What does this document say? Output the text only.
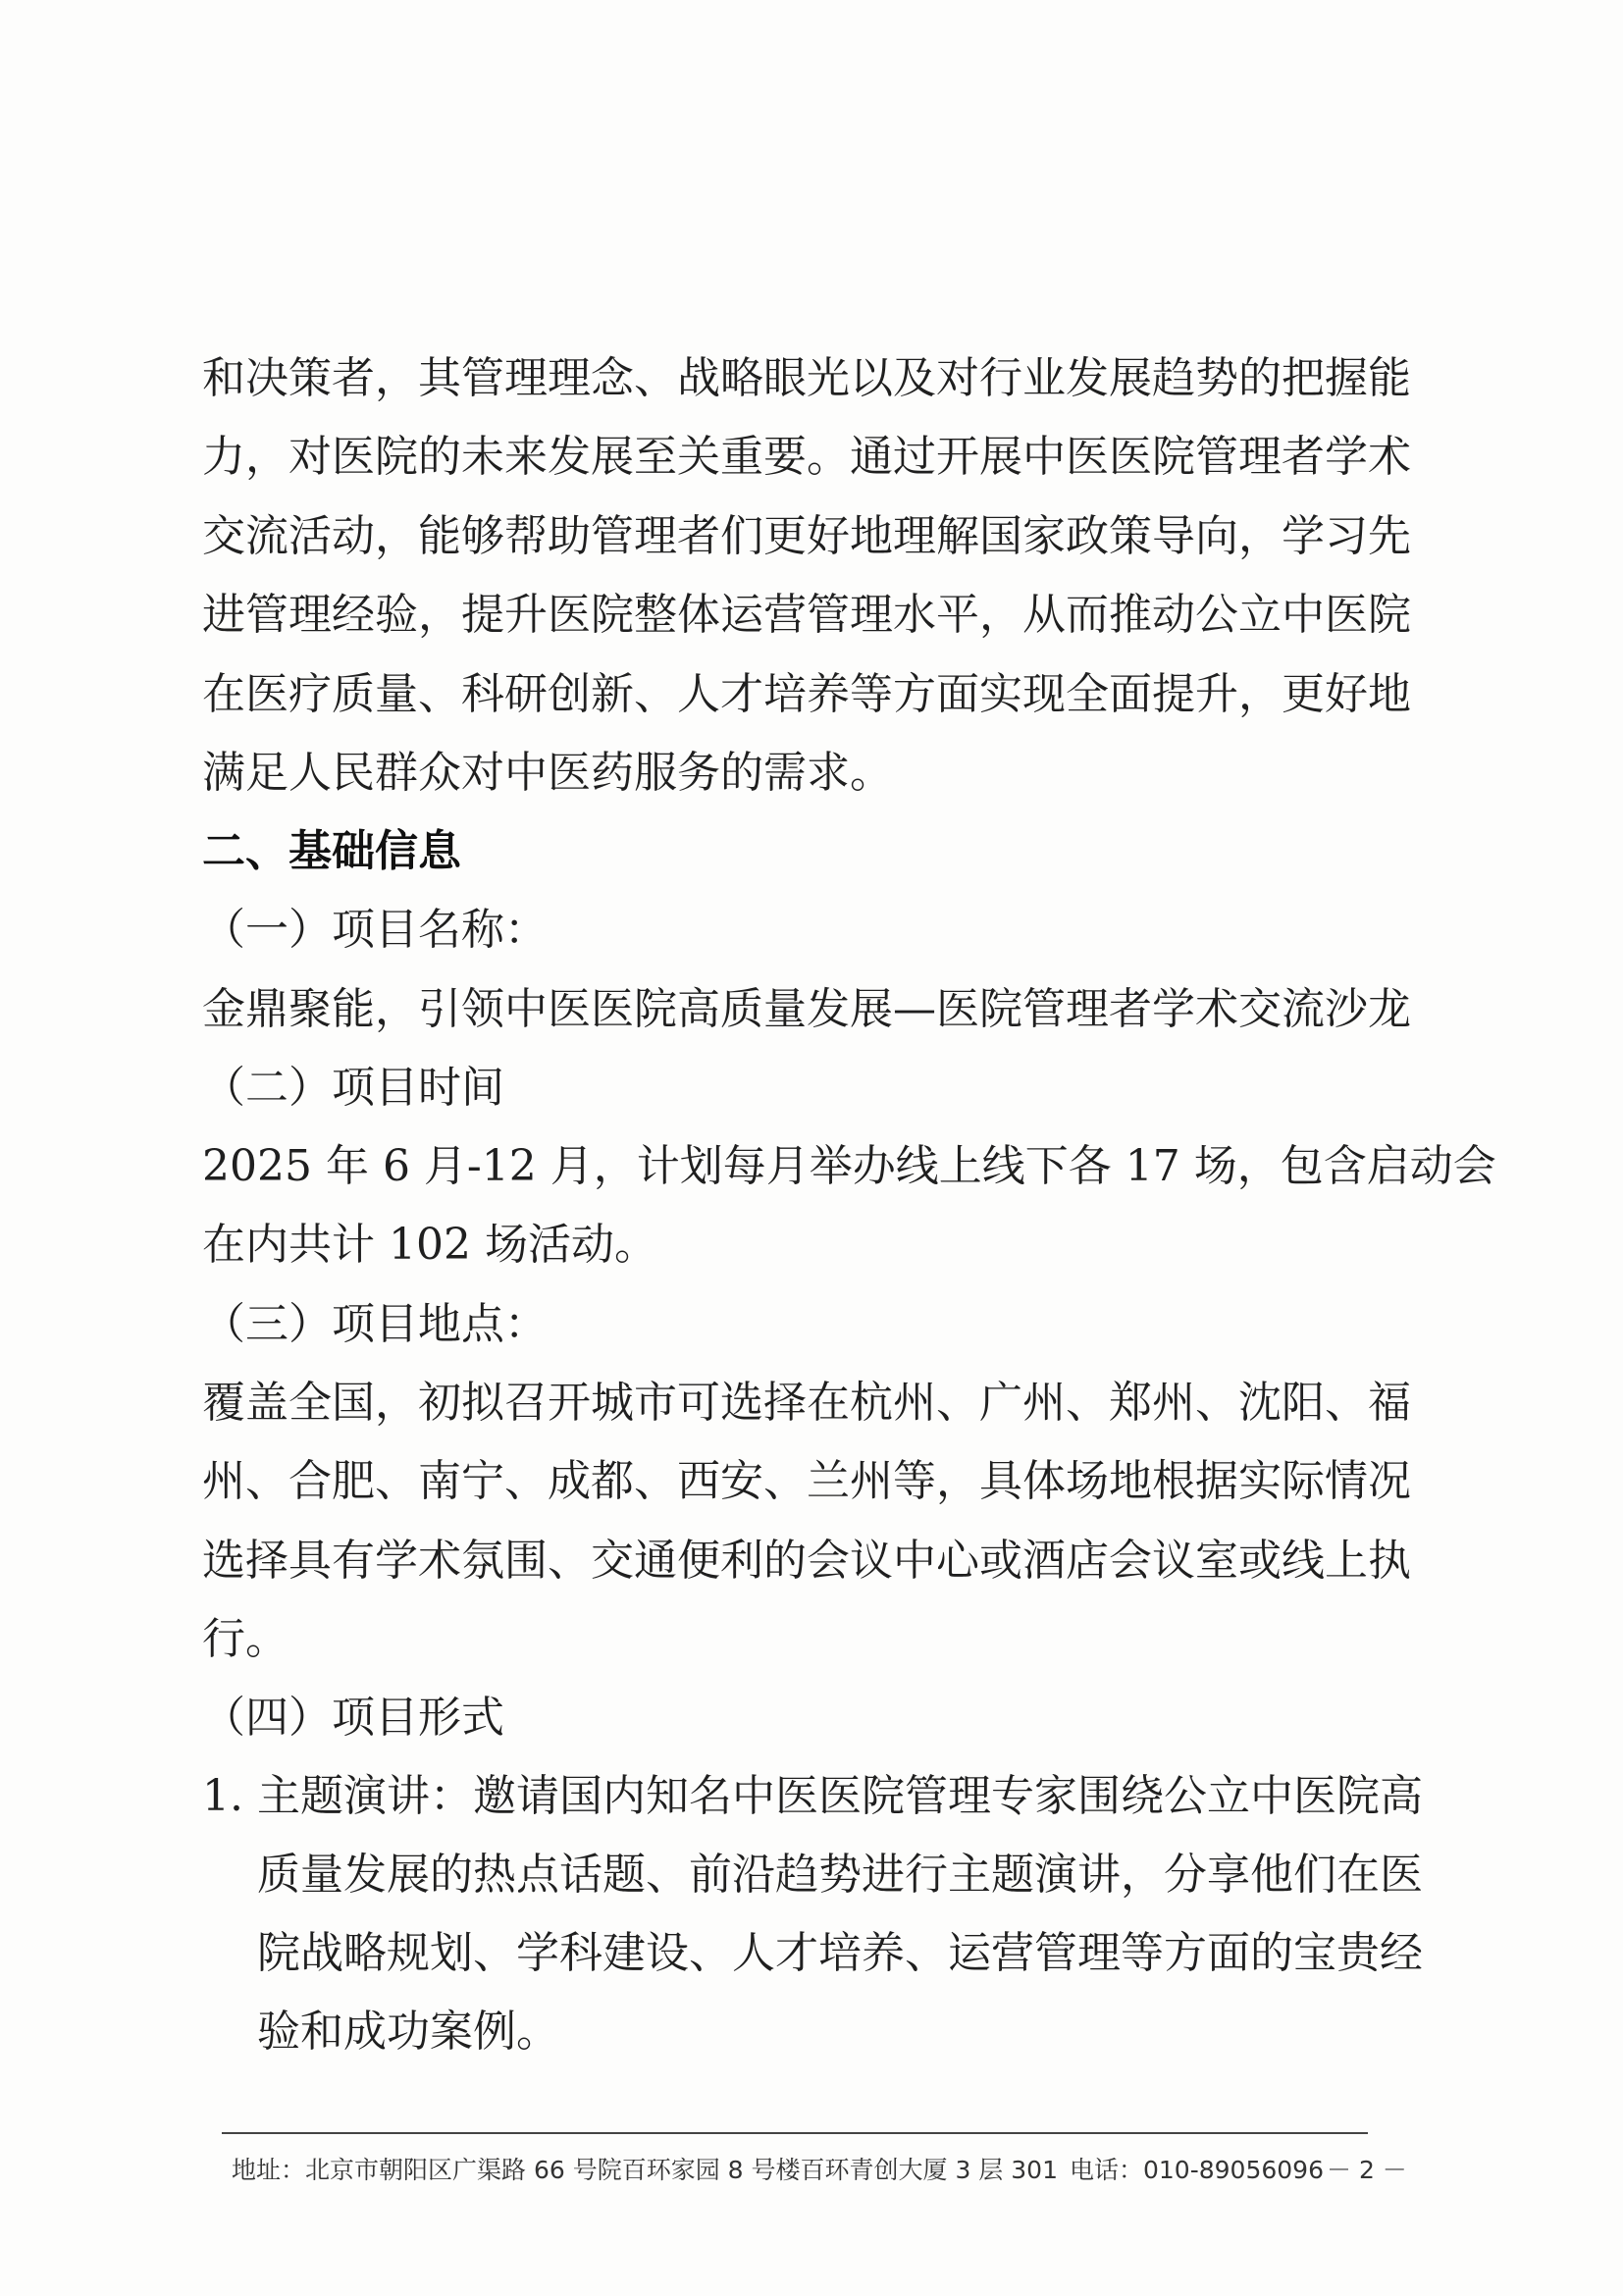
和决策者，其管理理念、战略眼光以及对行业发展趋势的把握能
力，对医院的未来发展至关重要。通过开展中医医院管理者学术
交流活动，能够帮助管理者们更好地理解国家政策导向，学习先
进管理经验，提升医院整体运营管理水平，从而推动公立中医院
在医疗质量、科研创新、人才培养等方面实现全面提升，更好地
满足人民群众对中医药服务的需求。
二、基础信息
（一）项目名称：
金鼎聚能，引领中医医院高质量发展—医院管理者学术交流沙龙
（二）项目时间
2025 年 6 月-12 月，计划每月举办线上线下各 17 场，包含启动会
在内共计 102 场活动。
（三）项目地点：
覆盖全国，初拟召开城市可选择在杭州、广州、郑州、沈阳、福
州、合肥、南宁、成都、西安、兰州等，具体场地根据实际情况
选择具有学术氛围、交通便利的会议中心或酒店会议室或线上执
行。
（四）项目形式
1. 主题演讲：邀请国内知名中医医院管理专家围绕公立中医院高
质量发展的热点话题、前沿趋势进行主题演讲，分享他们在医
院战略规划、学科建设、人才培养、运营管理等方面的宝贵经
验和成功案例。
地址：北京市朝阳区广渠路 66 号院百环家园 8 号楼百环青创大厦 3 层 301 电话：010-89056096 － 2 －
